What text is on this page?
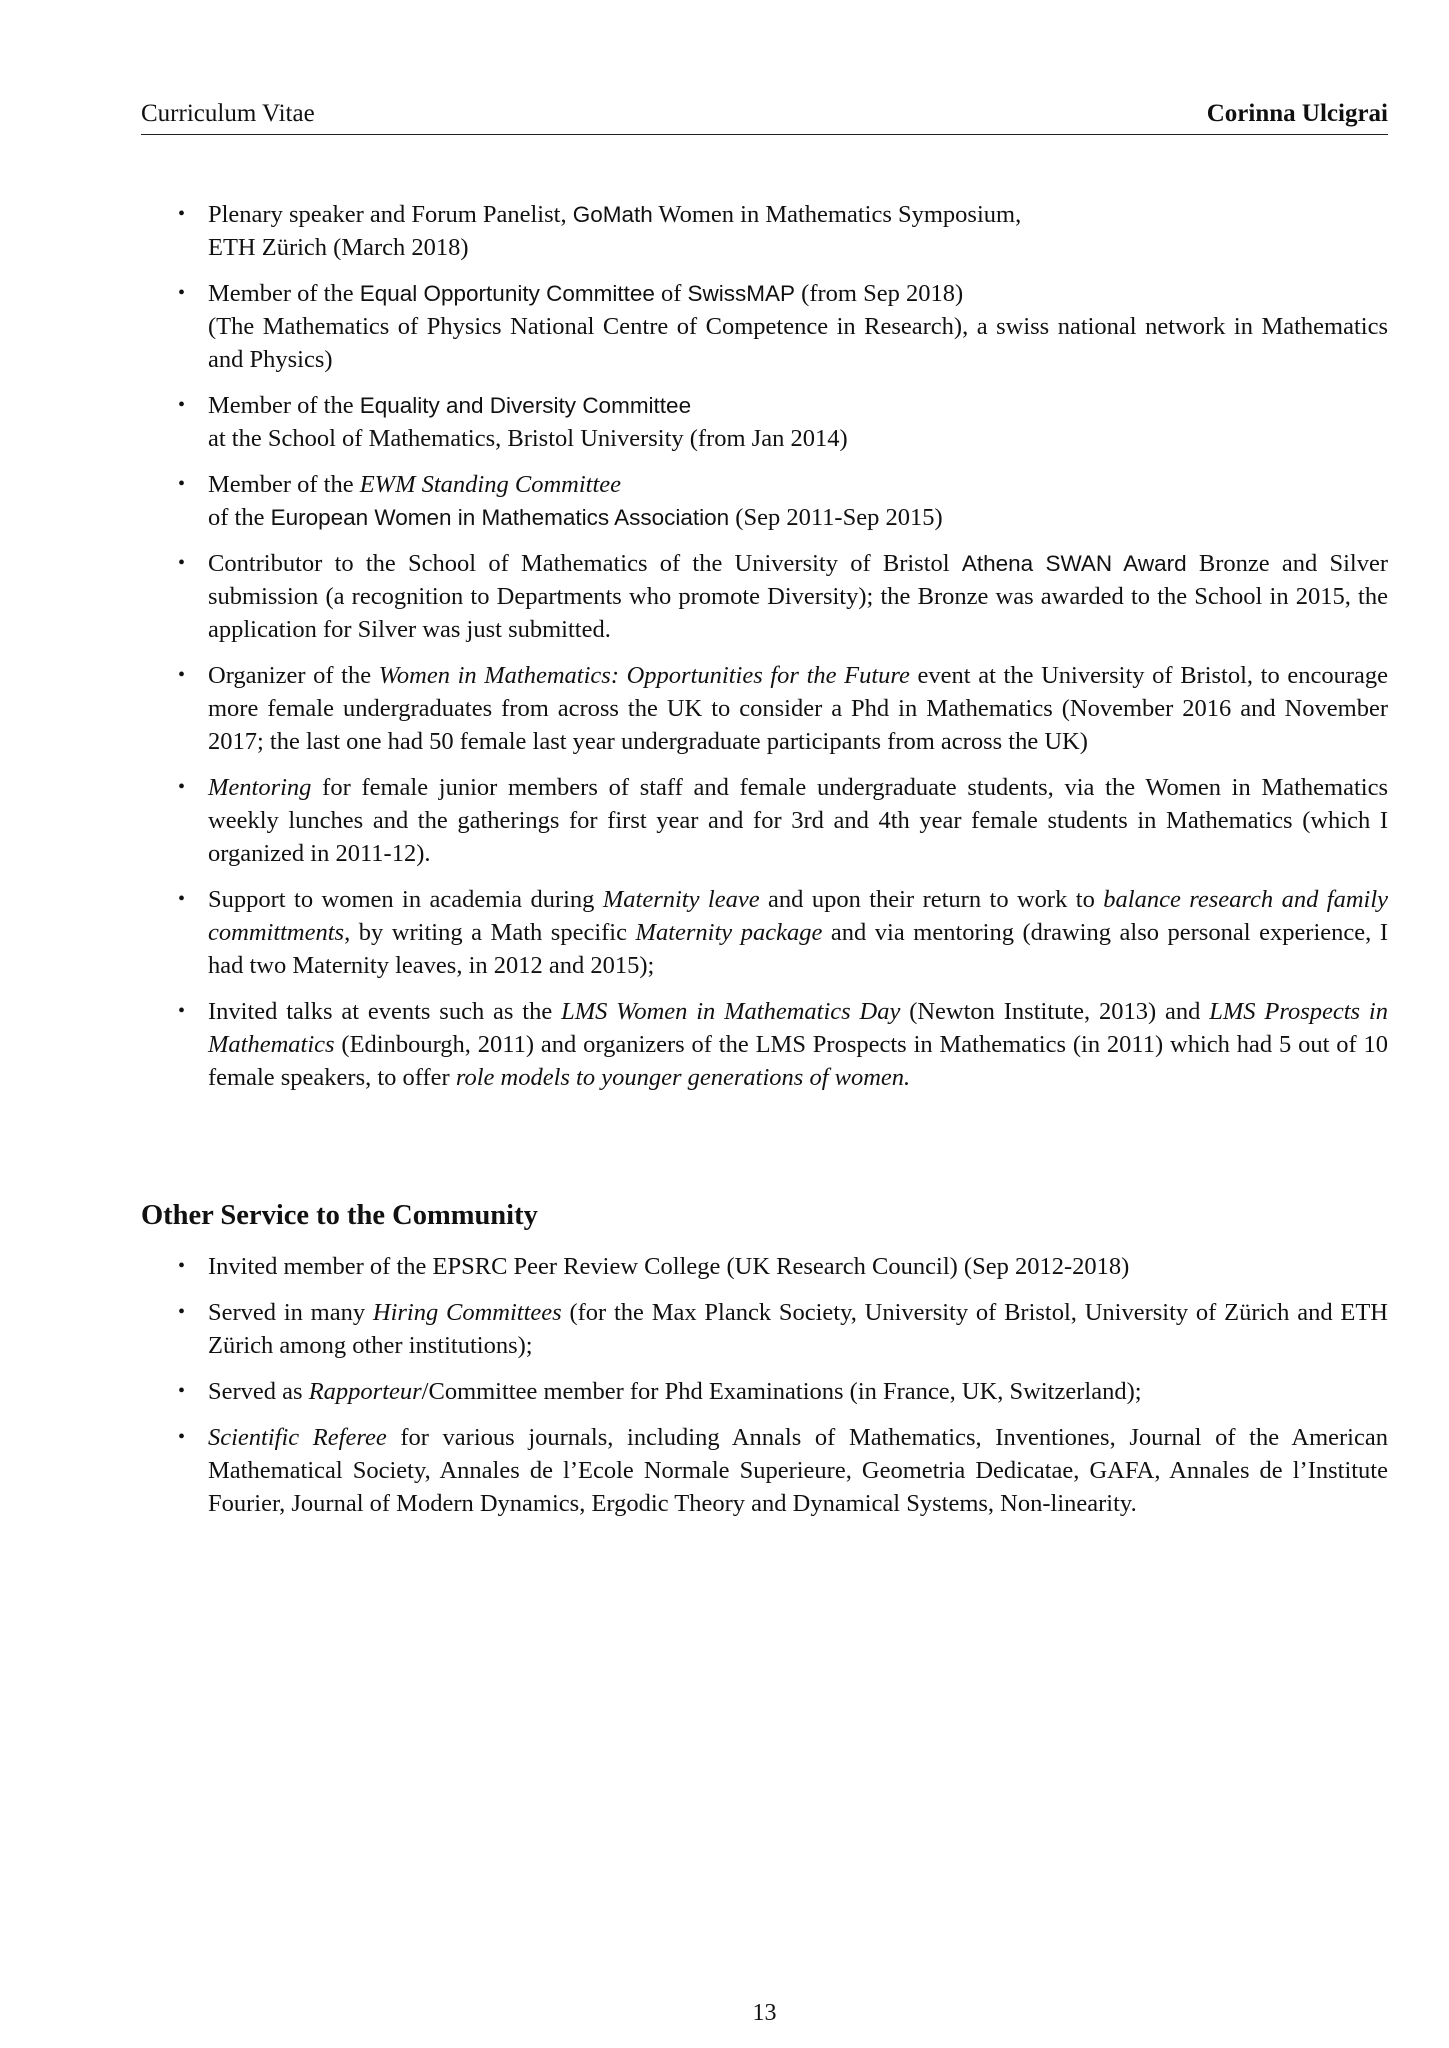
Curriculum Vitae	Corinna Ulcigrai
• Plenary speaker and Forum Panelist, GoMath Women in Mathematics Symposium,
ETH Zürich (March 2018)
• Member of the Equal Opportunity Committee of SwissMAP (from Sep 2018)
(The Mathematics of Physics National Centre of Competence in Research), a swiss national network in Mathematics and Physics)
• Member of the Equality and Diversity Committee
at the School of Mathematics, Bristol University (from Jan 2014)
• Member of the EWM Standing Committee
of the European Women in Mathematics Association (Sep 2011-Sep 2015)
• Contributor to the School of Mathematics of the University of Bristol Athena SWAN Award Bronze and Silver submission (a recognition to Departments who promote Diversity); the Bronze was awarded to the School in 2015, the application for Silver was just submitted.
• Organizer of the Women in Mathematics: Opportunities for the Future event at the University of Bristol, to encourage more female undergraduates from across the UK to consider a Phd in Mathematics (November 2016 and November 2017; the last one had 50 female last year undergraduate participants from across the UK)
• Mentoring for female junior members of staff and female undergraduate students, via the Women in Mathematics weekly lunches and the gatherings for first year and for 3rd and 4th year female students in Mathematics (which I organized in 2011-12).
• Support to women in academia during Maternity leave and upon their return to work to balance research and family committments, by writing a Math specific Maternity package and via mentoring (drawing also personal experience, I had two Maternity leaves, in 2012 and 2015);
• Invited talks at events such as the LMS Women in Mathematics Day (Newton Institute, 2013) and LMS Prospects in Mathematics (Edinbourgh, 2011) and organizers of the LMS Prospects in Mathematics (in 2011) which had 5 out of 10 female speakers, to offer role models to younger generations of women.
Other Service to the Community
• Invited member of the EPSRC Peer Review College (UK Research Council) (Sep 2012-2018)
• Served in many Hiring Committees (for the Max Planck Society, University of Bristol, University of Zürich and ETH Zürich among other institutions);
• Served as Rapporteur/Committee member for Phd Examinations (in France, UK, Switzerland);
• Scientific Referee for various journals, including Annals of Mathematics, Inventiones, Journal of the American Mathematical Society, Annales de l’Ecole Normale Superieure, Geometria Dedicatae, GAFA, Annales de l’Institute Fourier, Journal of Modern Dynamics, Ergodic Theory and Dynamical Systems, Non-linearity.
13
